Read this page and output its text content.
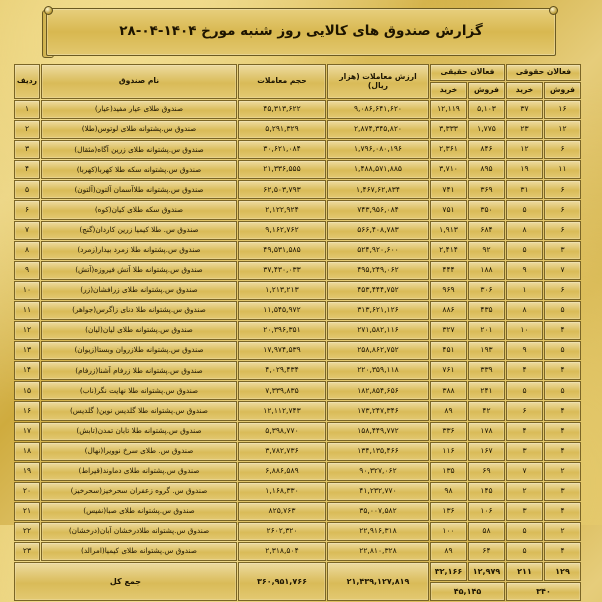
گزارش صندوق های کالایی روز شنبه مورخ ۱۴۰۴-۰۴-۲۸
فعالان حقوقی		فعالان حقیقی		ارزش معاملات (هزار ریال)	حجم معاملات	نام صندوق	ردیف
فروش	خرید	فروش	خرید				
۱۶	۳۷	۵,۱۰۳	۱۲,۱۱۹	۹,۰۸۶,۶۴۱,۶۲۰	۴۵,۳۱۳,۶۲۲	صندوق طلای عیار مفید(عیار)	۱
۱۲	۲۳	۱,۷۷۵	۳,۳۳۳	۲,۸۷۴,۳۴۵,۸۲۰	۵,۲۹۱,۳۲۹	صندوق س.پشتوانه طلای لوتوس(طلا)	۲
۶	۱۲	۸۴۶	۲,۳۶۱	۱,۷۹۶,۰۸۰,۱۹۶	۳۰,۶۲۱,۰۸۴	صندوق س.پشتوانه طلای زرین آگاه(مثقال)	۳
۱۱	۱۹	۸۹۵	۳,۷۱۰	۱,۴۸۸,۵۷۱,۸۸۵	۲۱,۳۳۶,۵۵۵	صندوق س.پشتوانه سکه طلا کهربا(کهربا)	۴
۶	۳۱	۳۶۹	۷۴۱	۱,۴۶۷,۶۲,۸۳۴	۶۲,۵۰۳,۷۹۳	صندوق س.پشتوانه طلاآسمان آلتون(آلتون)	۵
۶	۵	۳۵۰	۷۵۱	۷۴۳,۹۵۶,۰۸۴	۲,۱۲۲,۹۲۴	صندوق سکه طلای کیان(کوه)	۶
۶	۸	۶۸۴	۱,۹۱۳	۵۶۶,۴۰۸,۷۸۳	۹,۱۶۲,۷۶۲	صندوق س. طلا کیمیا زرین کاردان(گنج)	۷
۳	۵	۹۲	۲,۴۱۴	۵۲۴,۹۲۰,۶۰۰	۴۹,۵۳۱,۵۸۵	صندوق س.پشتوانه طلا زمرد بیدار(زمرد)	۸
۷	۹	۱۸۸	۴۴۴	۴۹۵,۲۴۹,۰۶۲	۳۷,۴۳۰,۰۳۳	صندوق س.پشتوانه طلا آتش فیروزه(آتش)	۹
۶	۱	۳۰۶	۹۶۹	۴۵۳,۴۴۴,۷۵۲	۱,۲۱۳,۲۱۳	صندوق س.پشتوانه طلای زرافشان(زر)	۱۰
۵	۸	۴۳۵	۸۸۶	۳۱۳,۶۲۱,۱۲۶	۱۱,۵۴۵,۹۷۲	صندوق س.پشتوانه طلا دنای زاگرس(جواهر)	۱۱
۴	۱۰	۲۰۱	۳۲۷	۲۷۱,۵۸۲,۱۱۶	۲۰,۳۹۶,۳۵۱	صندوق س.پشتوانه طلای لیان(لیان)	۱۲
۵	۹	۱۹۳	۴۵۱	۲۵۸,۸۶۲,۷۵۲	۱۷,۹۷۴,۵۳۹	صندوق س.پشتوانه طلازروان وبستا(زیوان)	۱۳
۴	۴	۳۳۹	۷۶۱	۲۲۰,۳۵۹,۱۱۸	۴,۰۲۹,۴۳۴	صندوق س.پشتوانه طلا زرفام آشنا(زرفام)	۱۴
۵	۵	۲۴۱	۳۸۸	۱۸۲,۸۵۴,۶۵۶	۷,۳۳۹,۸۳۵	صندوق س.پشتوانه طلا نهایت نگر(ناب)	۱۵
۴	۶	۴۲	۸۹	۱۷۳,۲۴۷,۳۴۶	۱۲,۱۱۲,۷۴۳	صندوق س.پشتوانه طلا گلدیس نوین( گلدیس)	۱۶
۴	۴	۱۷۸	۳۳۶	۱۵۸,۴۴۹,۷۷۲	۵,۳۹۸,۷۷۰	صندوق س.پشتوانه طلا تابان تمدن(تابش)	۱۷
۴	۳	۱۶۷	۱۱۶	۱۳۴,۱۳۵,۴۶۶	۳,۷۸۲,۷۳۶	صندوق س. طلای سرخ نوویرا(نهال)	۱۸
۲	۷	۶۹	۱۳۵	۹۰,۳۲۷,۰۶۲	۶,۸۸۶,۵۸۹	صندوق س.پشتوانه طلای دماوند(قیراط)	۱۹
۳	۲	۱۴۵	۹۸	۴۱,۲۳۲,۷۷۰	۱,۱۶۸,۳۳۰	صندوق س. گروه زعفران سحرخیز(سحرخیز)	۲۰
۴	۳	۱۰۶	۱۳۶	۳۵,۰۰۷,۵۸۲	۸۲۵,۷۶۳	صندوق س.پشتوانه طلای صبا(نفیس)	۲۱
۲	۵	۵۸	۱۰۰	۲۲,۹۱۶,۳۱۸	۲۶۰۲,۳۲۰	صندوق س.پشتوانه طلادرخشان آبان(درخشان)	۲۲
۴	۵	۶۴	۸۹	۲۲,۸۱۰,۳۲۸	۲,۳۱۸,۵۰۴	صندوق س.پشتوانه طلای کیمیا(امرالد)	۲۳
۱۲۹	۲۱۱	۱۲,۹۷۹	۳۲,۱۶۶	۲۱,۴۳۹,۱۲۷,۸۱۹	۳۶۰,۹۵۱,۷۶۶	جمع کل	
۳۴۰		۴۵,۱۴۵					
